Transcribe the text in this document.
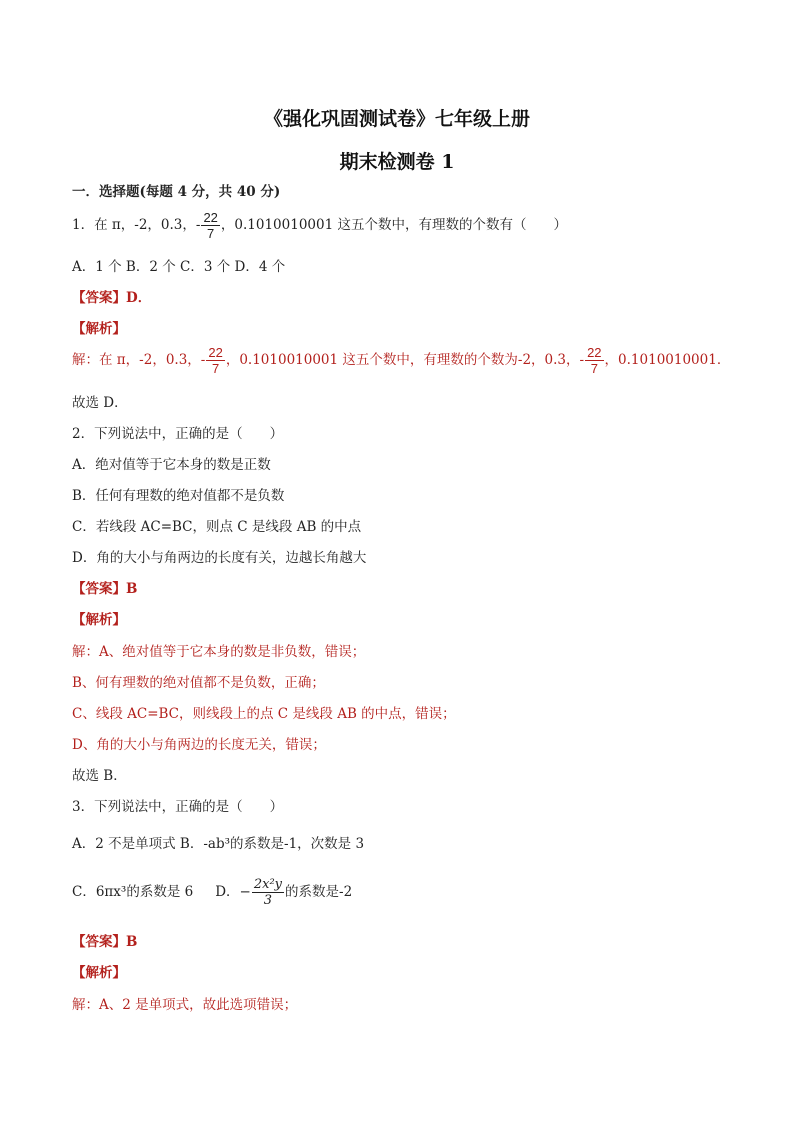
《强化巩固测试卷》七年级上册
期末检测卷 1
一．选择题(每题 4 分，共 40 分)
1．在 π，-2，0.3，- $\frac{22}{7}$ ，0.1010010001 这五个数中，有理数的个数有（　　）
A．1 个 B．2 个 C．3 个 D．4 个
【答案】D．
【解析】
解：在 π，-2，0.3，- $\frac{22}{7}$ ，0.1010010001 这五个数中，有理数的个数为-2，0.3，- $\frac{22}{7}$ ，0.1010010001．
故选 D．
2．下列说法中，正确的是（　　）
A．绝对值等于它本身的数是正数
B．任何有理数的绝对值都不是负数
C．若线段 AC=BC，则点 C 是线段 AB 的中点
D．角的大小与角两边的长度有关，边越长角越大
【答案】B
【解析】
解：A、绝对值等于它本身的数是非负数，错误；
B、何有理数的绝对值都不是负数，正确；
C、线段 AC=BC，则线段上的点 C 是线段 AB 的中点，错误；
D、角的大小与角两边的长度无关，错误；
故选 B．
3．下列说法中，正确的是（　　）
A．2 不是单项式 B．-ab³的系数是-1，次数是 3
C．6πx³的系数是 6 D．− $\frac{\text{2x²y}}{3}$ 的系数是-2
【答案】B
【解析】
解：A、2 是单项式，故此选项错误；
